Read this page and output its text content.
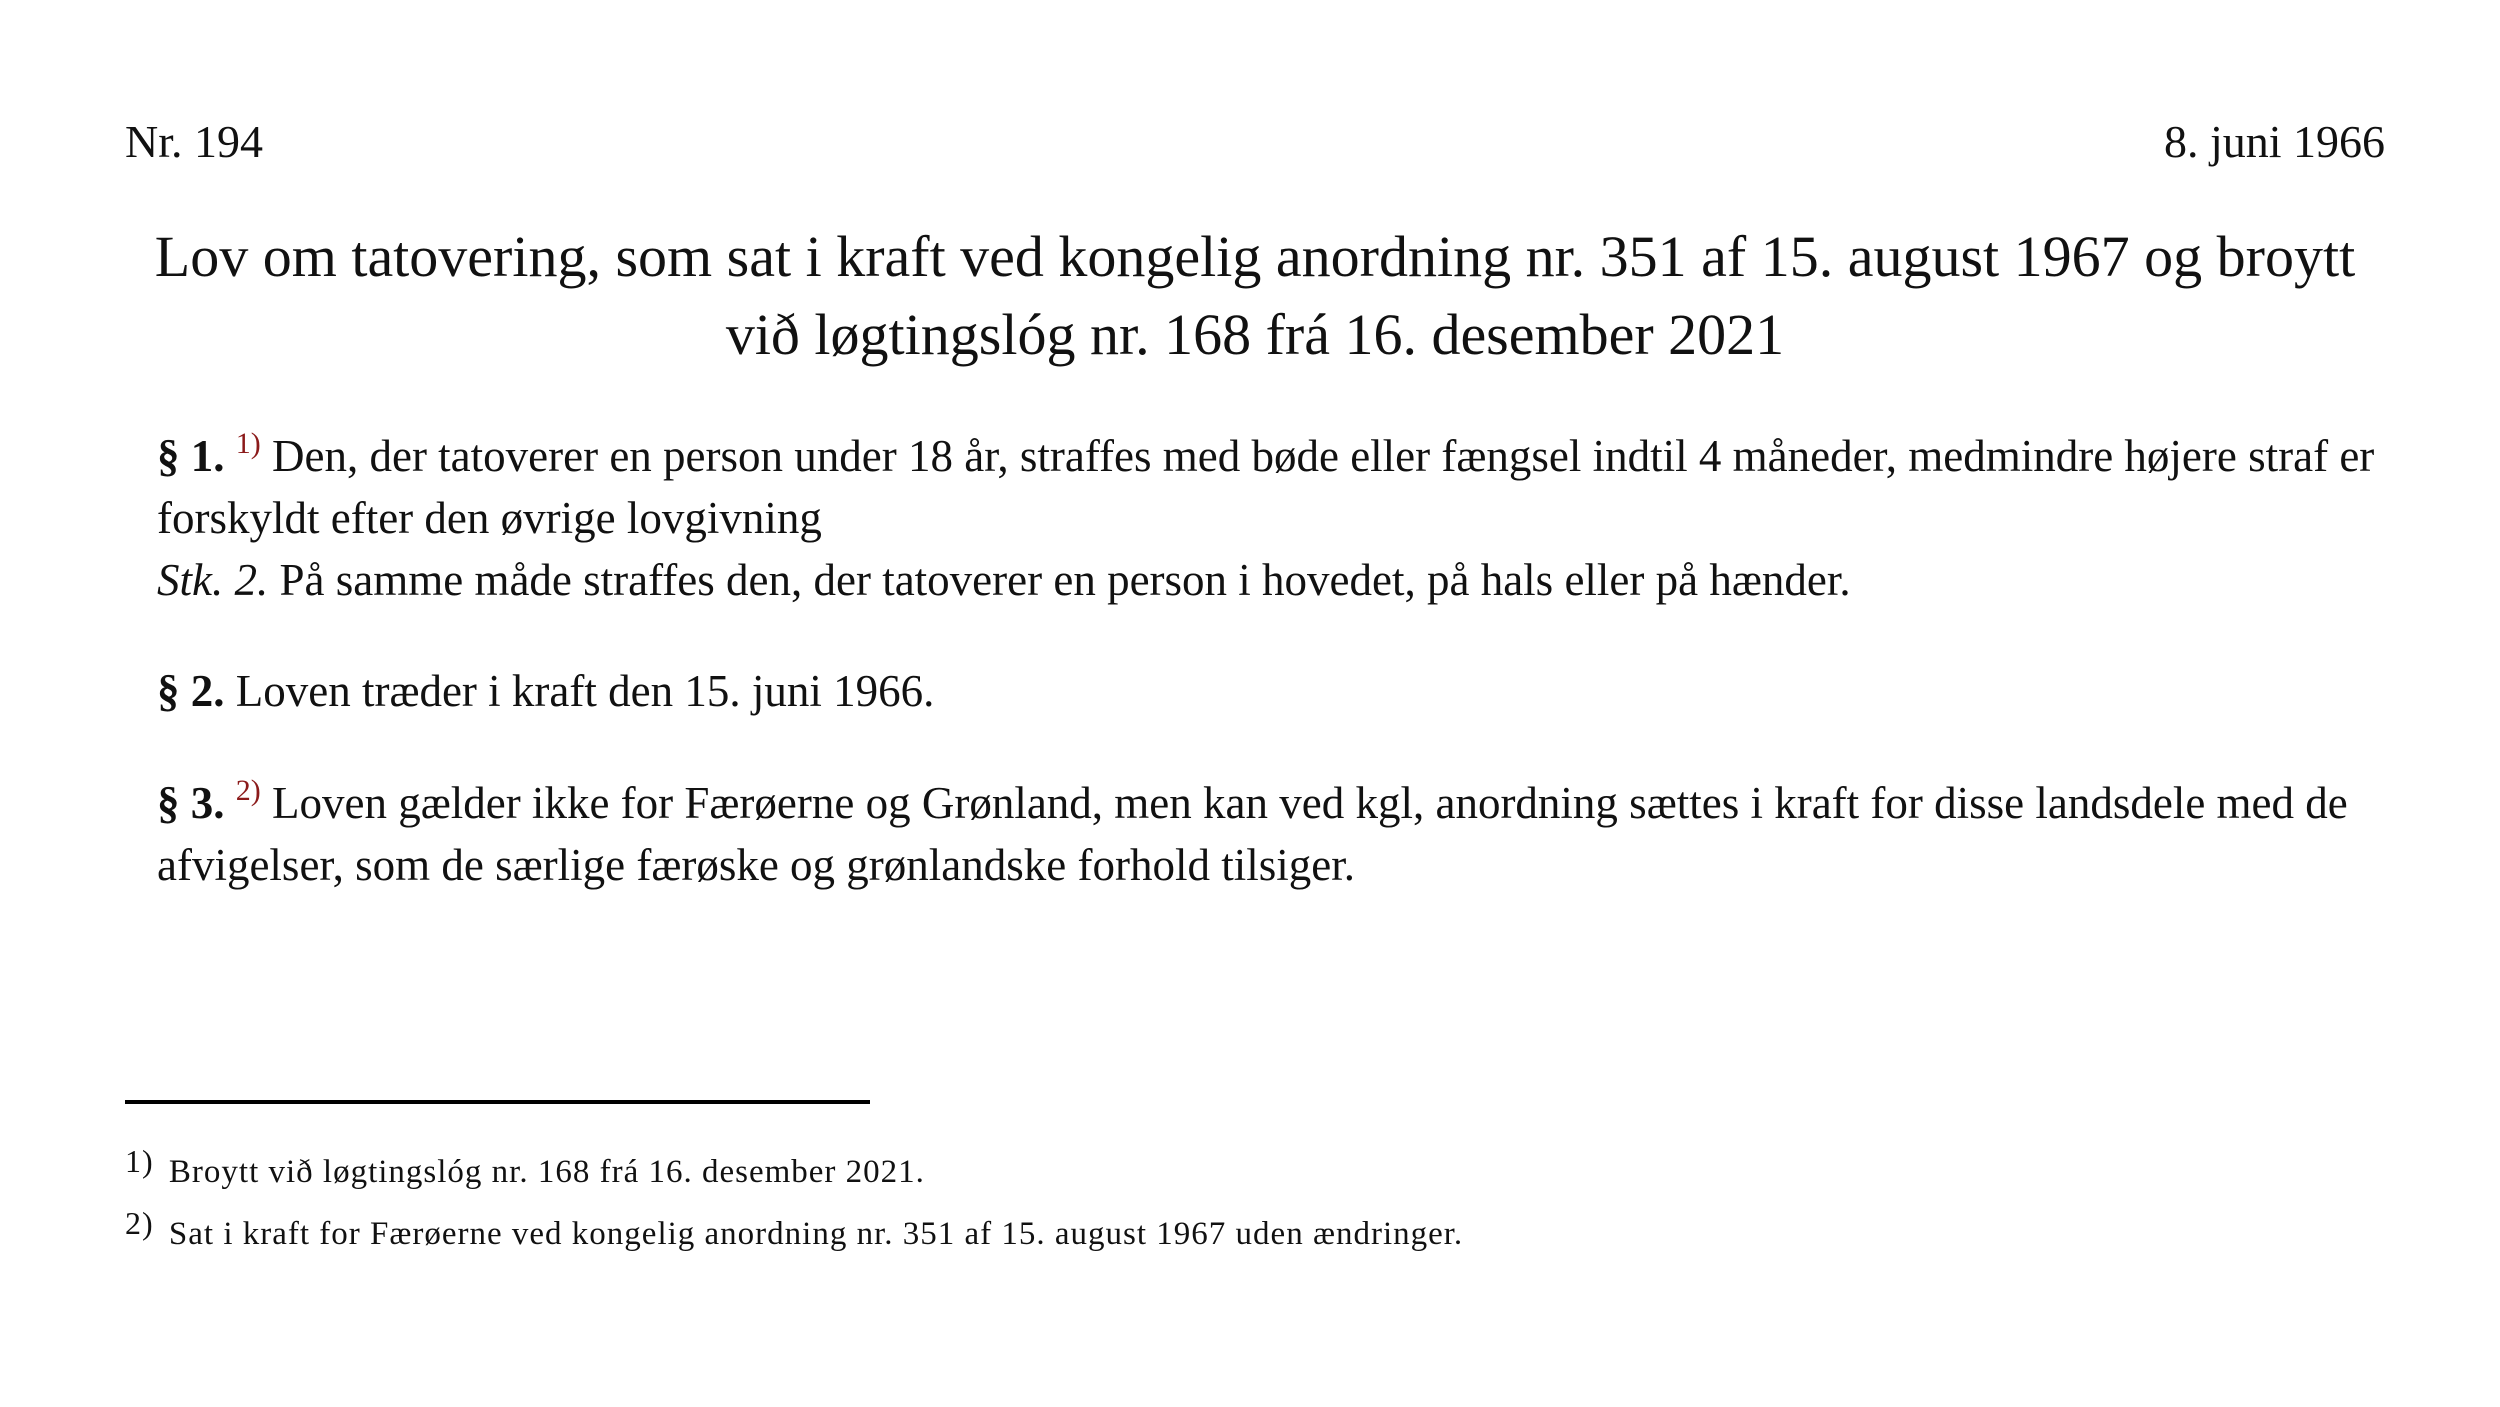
Nr. 194	8. juni 1966
Lov om tatovering, som sat i kraft ved kongelig anordning nr. 351 af 15. august 1967 og broytt
við løgtingslóg nr. 168 frá 16. desember 2021
§ 1. $^{1)}$ Den, der tatoverer en person under 18 år, straffes med bøde eller fængsel indtil 4 måneder, medmindre højere straf er forskyldt efter den øvrige lovgivning
Stk. 2. På samme måde straffes den, der tatoverer en person i hovedet, på hals eller på hænder.
§ 2. Loven træder i kraft den 15. juni 1966.
§ 3. $^{2)}$ Loven gælder ikke for Færøerne og Grønland, men kan ved kgl, anordning sættes i kraft for disse landsdele med de afvigelser, som de særlige færøske og grønlandske forhold tilsiger.
1) Broytt við løgtingslóg nr. 168 frá 16. desember 2021.
2) Sat i kraft for Færøerne ved kongelig anordning nr. 351 af 15. august 1967 uden ændringer.
